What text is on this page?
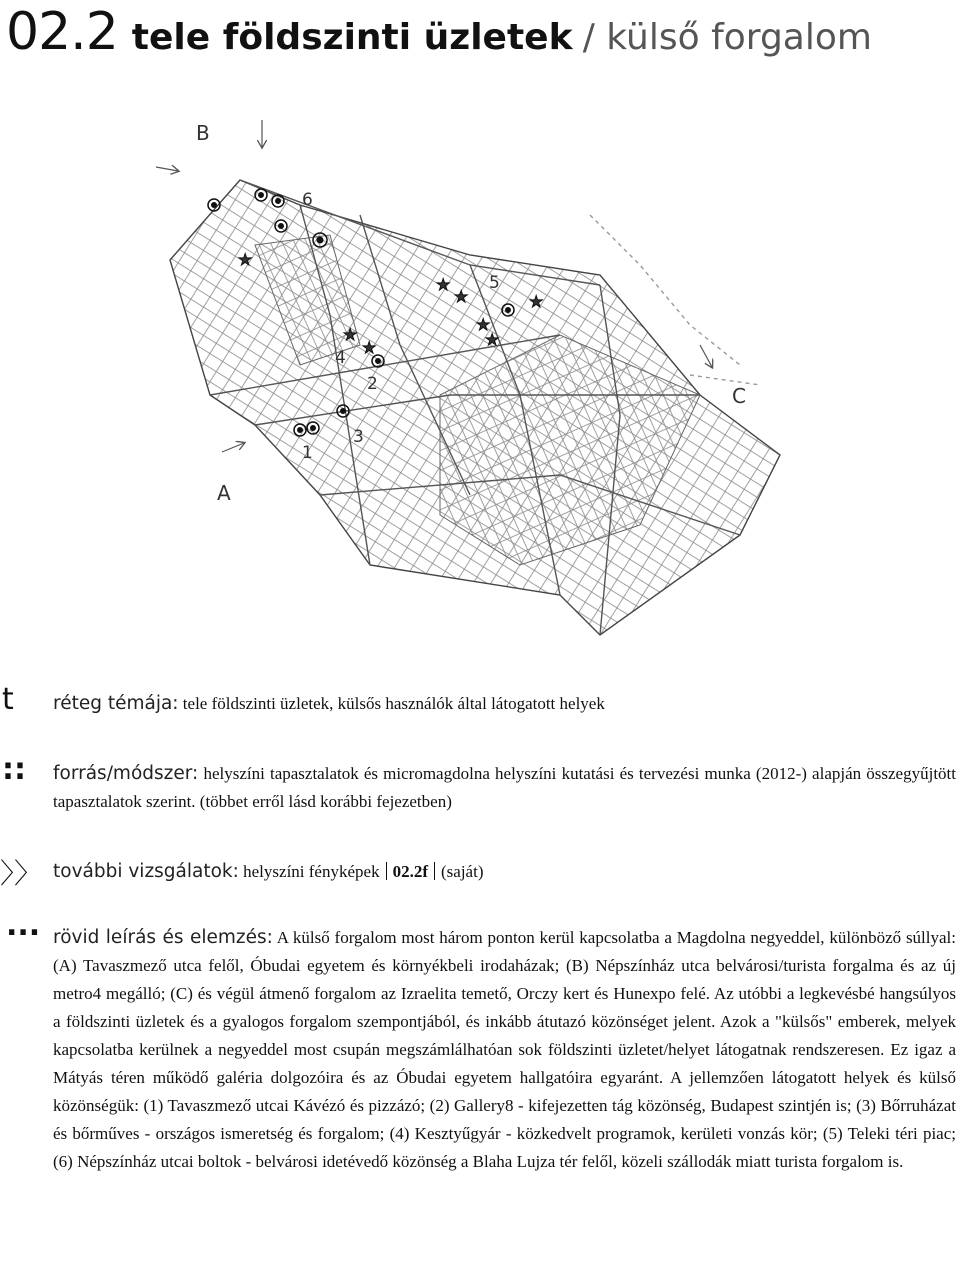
02.2 tele földszinti üzletek / külső forgalom
★
★
★
★
★
★
★
★
B
C
A
6
5
4
2
3
1
t réteg témája: tele földszinti üzletek, külsős használók által látogatott helyek
:: forrás/módszer: helyszíni tapasztalatok és micromagdolna helyszíni kutatási és tervezési munka (2012-) alapján összegyűjtött tapasztalatok szerint. (többet erről lásd korábbi fejezetben)
〉〉 további vizsgálatok: helyszíni fényképek 02.2f (saját)
... rövid leírás és elemzés: A külső forgalom most három ponton kerül kapcsolatba a Magdolna negyeddel, különböző súllyal: (A) Tavaszmező utca felől, Óbudai egyetem és környékbeli irodaházak; (B) Népszínház utca belvárosi/turista forgalma és az új metro4 megálló; (C) és végül átmenő forgalom az Izraelita temető, Orczy kert és Hunexpo felé. Az utóbbi a legkevésbé hangsúlyos a földszinti üzletek és a gyalogos forgalom szempontjából, és inkább átutazó közönséget jelent. Azok a "külsős" emberek, melyek kapcsolatba kerülnek a negyeddel most csupán megszámlálhatóan sok földszinti üzletet/helyet látogatnak rendszeresen. Ez igaz a Mátyás téren működő galéria dolgozóira és az Óbudai egyetem hallgatóira egyaránt. A jellemzően látogatott helyek és külső közönségük: (1) Tavaszmező utcai Kávézó és pizzázó; (2) Gallery8 - kifejezetten tág közönség, Budapest szintjén is; (3) Bőrruházat és bőrműves - országos ismeretség és forgalom; (4) Kesztyűgyár - közkedvelt programok, kerületi vonzás kör; (5) Teleki téri piac; (6) Népszínház utcai boltok - belvárosi idetévedő közönség a Blaha Lujza tér felől, közeli szállodák miatt turista forgalom is.
